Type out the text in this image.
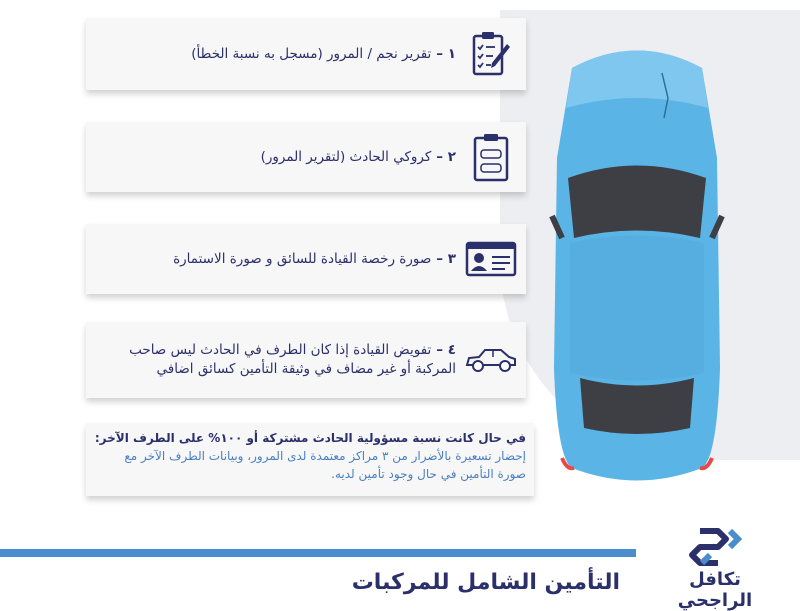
١ –تقرير نجم / المرور (مسجل به نسبة الخطأ)
٢ –كروكي الحادث (لتقرير المرور)
٣ –صورة رخصة القيادة للسائق و صورة الاستمارة
٤ –تفويض القيادة إذا كان الطرف في الحادث ليس صاحب المركبة أو غير مضاف في وثيقة التأمين كسائق اضافي
في حال كانت نسبة مسؤولية الحادث مشتركة أو ١٠٠% على الطرف الآخر: إحضار تسعيرة بالأضرار من ٣ مراكز معتمدة لدى المرور، وبيانات الطرف الآخر مع صورة التأمين في حال وجود تأمين لديه.
التأمين الشامل للمركبات	تكافل الراجحي
